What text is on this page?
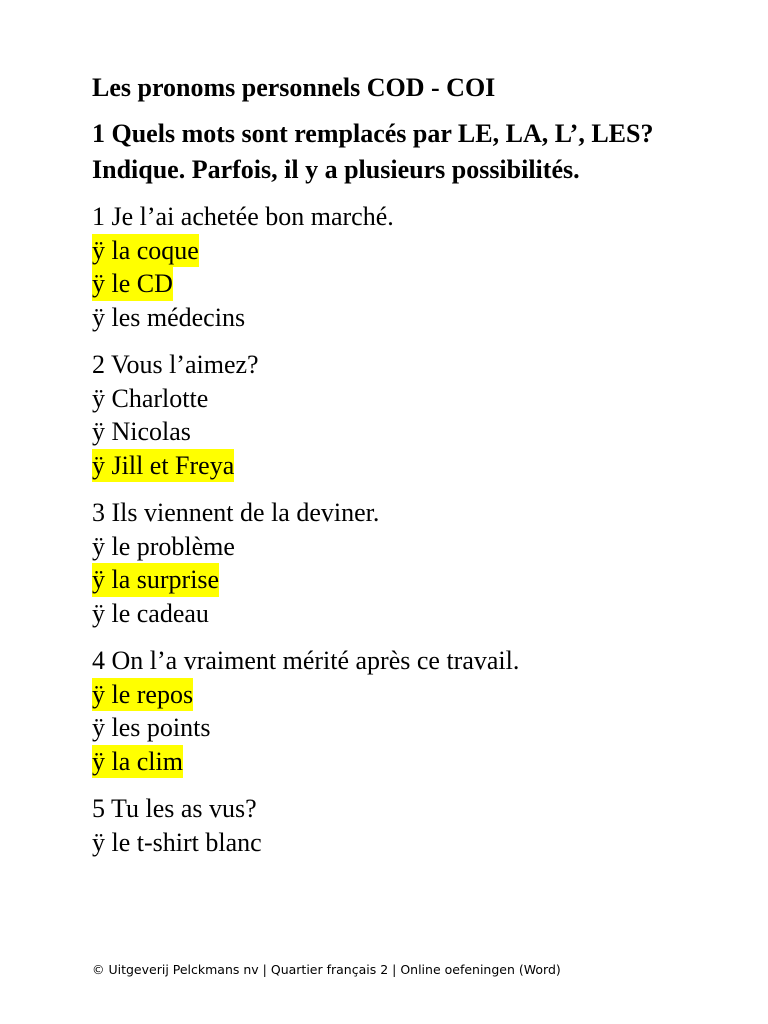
Les pronoms personnels COD - COI
1 Quels mots sont remplacés par LE, LA, L’, LES? Indique. Parfois, il y a plusieurs possibilités.
1 Je l’ai achetée bon marché.
ÿ la coque
ÿ le CD
ÿ les médecins
2 Vous l’aimez?
ÿ Charlotte
ÿ Nicolas
ÿ Jill et Freya
3 Ils viennent de la deviner.
ÿ le problème
ÿ la surprise
ÿ le cadeau
4 On l’a vraiment mérité après ce travail.
ÿ le repos
ÿ les points
ÿ la clim
5 Tu les as vus?
ÿ le t-shirt blanc
© Uitgeverij Pelckmans nv | Quartier français 2 | Online oefeningen (Word)
